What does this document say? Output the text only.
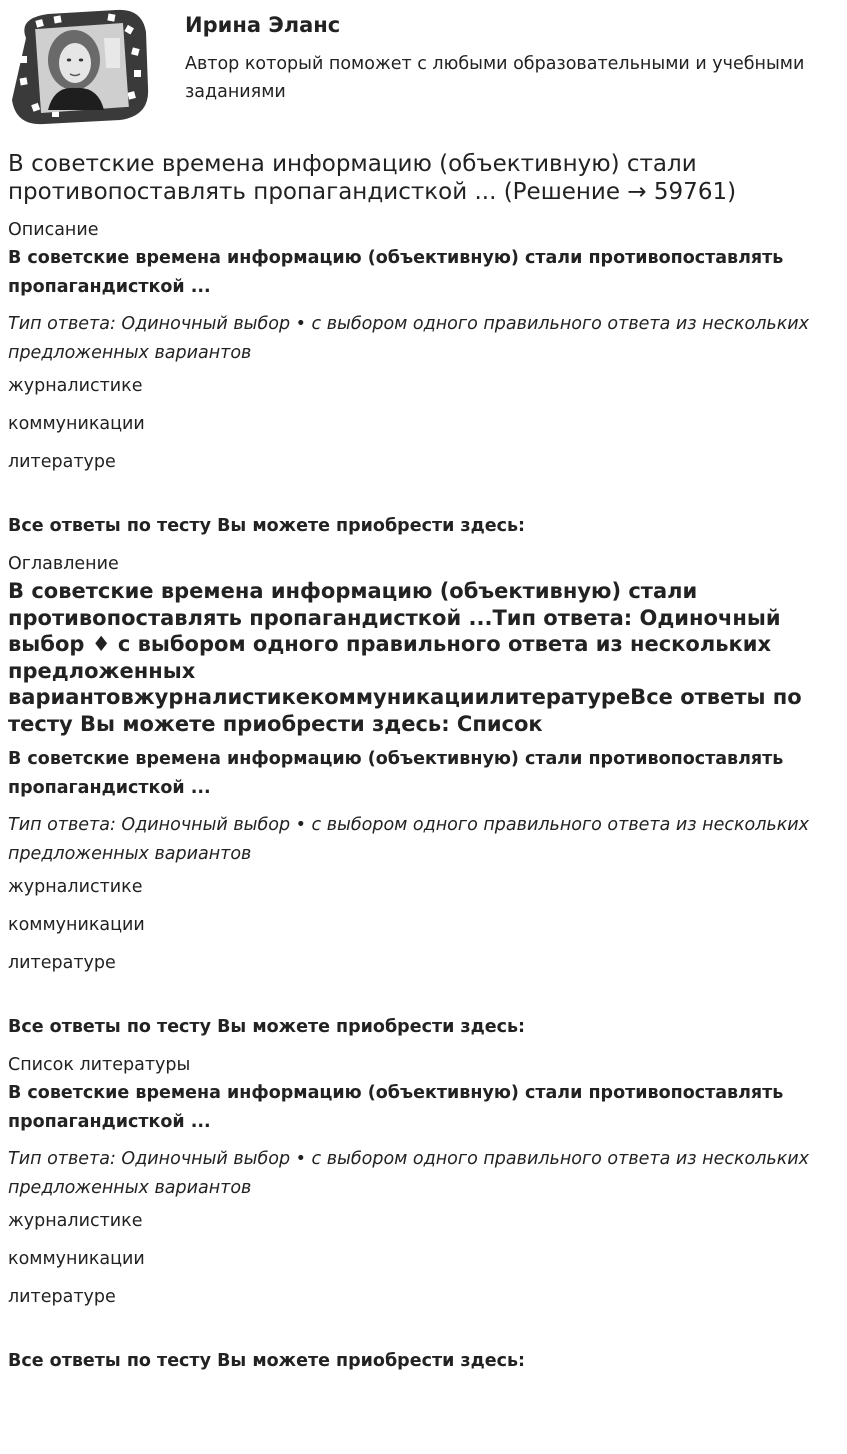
Ирина Эланс

Автор который поможет с любыми образовательными и учебными заданиями

В советские времена информацию (объективную) стали противопоставлять пропагандисткой ... (Решение → 59761)
Описание
В советские времена информацию (объективную) стали противопоставлять пропагандисткой ...
Тип ответа: Одиночный выбор • с выбором одного правильного ответа из нескольких предложенных вариантов
журналистике
коммуникации
литературе
Все ответы по тесту Вы можете приобрести здесь:
Оглавление
В советские времена информацию (объективную) стали противопоставлять пропагандисткой ...Тип ответа: Одиночный выбор ♦ с выбором одного правильного ответа из нескольких предложенных вариантовжурналистикекоммуникациилитературеВсе ответы по тесту Вы можете приобрести здесь: Список
В советские времена информацию (объективную) стали противопоставлять пропагандисткой ...
Тип ответа: Одиночный выбор • с выбором одного правильного ответа из нескольких предложенных вариантов
журналистике
коммуникации
литературе
Все ответы по тесту Вы можете приобрести здесь:
Список литературы
В советские времена информацию (объективную) стали противопоставлять пропагандисткой ...
Тип ответа: Одиночный выбор • с выбором одного правильного ответа из нескольких предложенных вариантов
журналистике
коммуникации
литературе
Все ответы по тесту Вы можете приобрести здесь:
